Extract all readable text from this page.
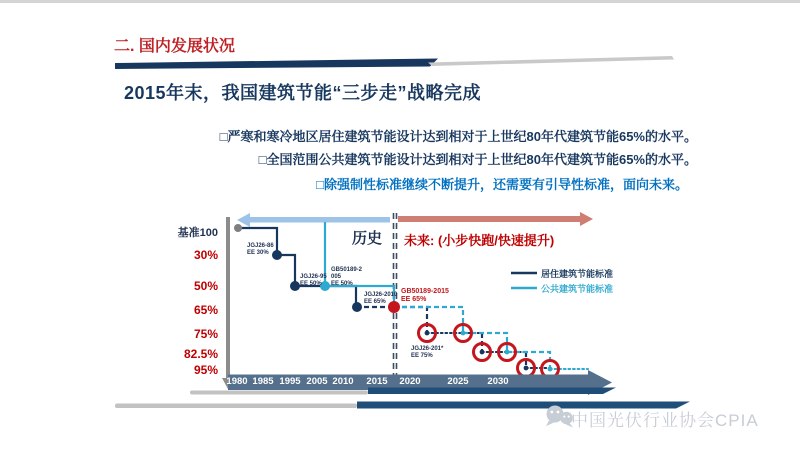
二. 国内发展状况
2015年末，我国建筑节能“三步走”战略完成
□严寒和寒冷地区居住建筑节能设计达到相对于上世纪80年代建筑节能65%的水平。
□全国范围公共建筑节能设计达到相对于上世纪80年代建筑节能65%的水平。
□除强制性标准继续不断提升，还需要有引导性标准，面向未来。
历史 未来: (小步快跑/快速提升)
基准100
30%
50%
65%
75%
82.5%
95%
1980 1985 1995 2005 2010 2015 2020	2025 2030
JGJ26-86
EE 30%
JGJ26-95
EE 50%
GB50189-2005
EE 50%
JGJ26-2010
EE 65%
GB50189-2015
EE 65%
JGJ26-201*
EE 75%
居住建筑节能标准
公共建筑节能标准
中国光伏行业协会CPIA
